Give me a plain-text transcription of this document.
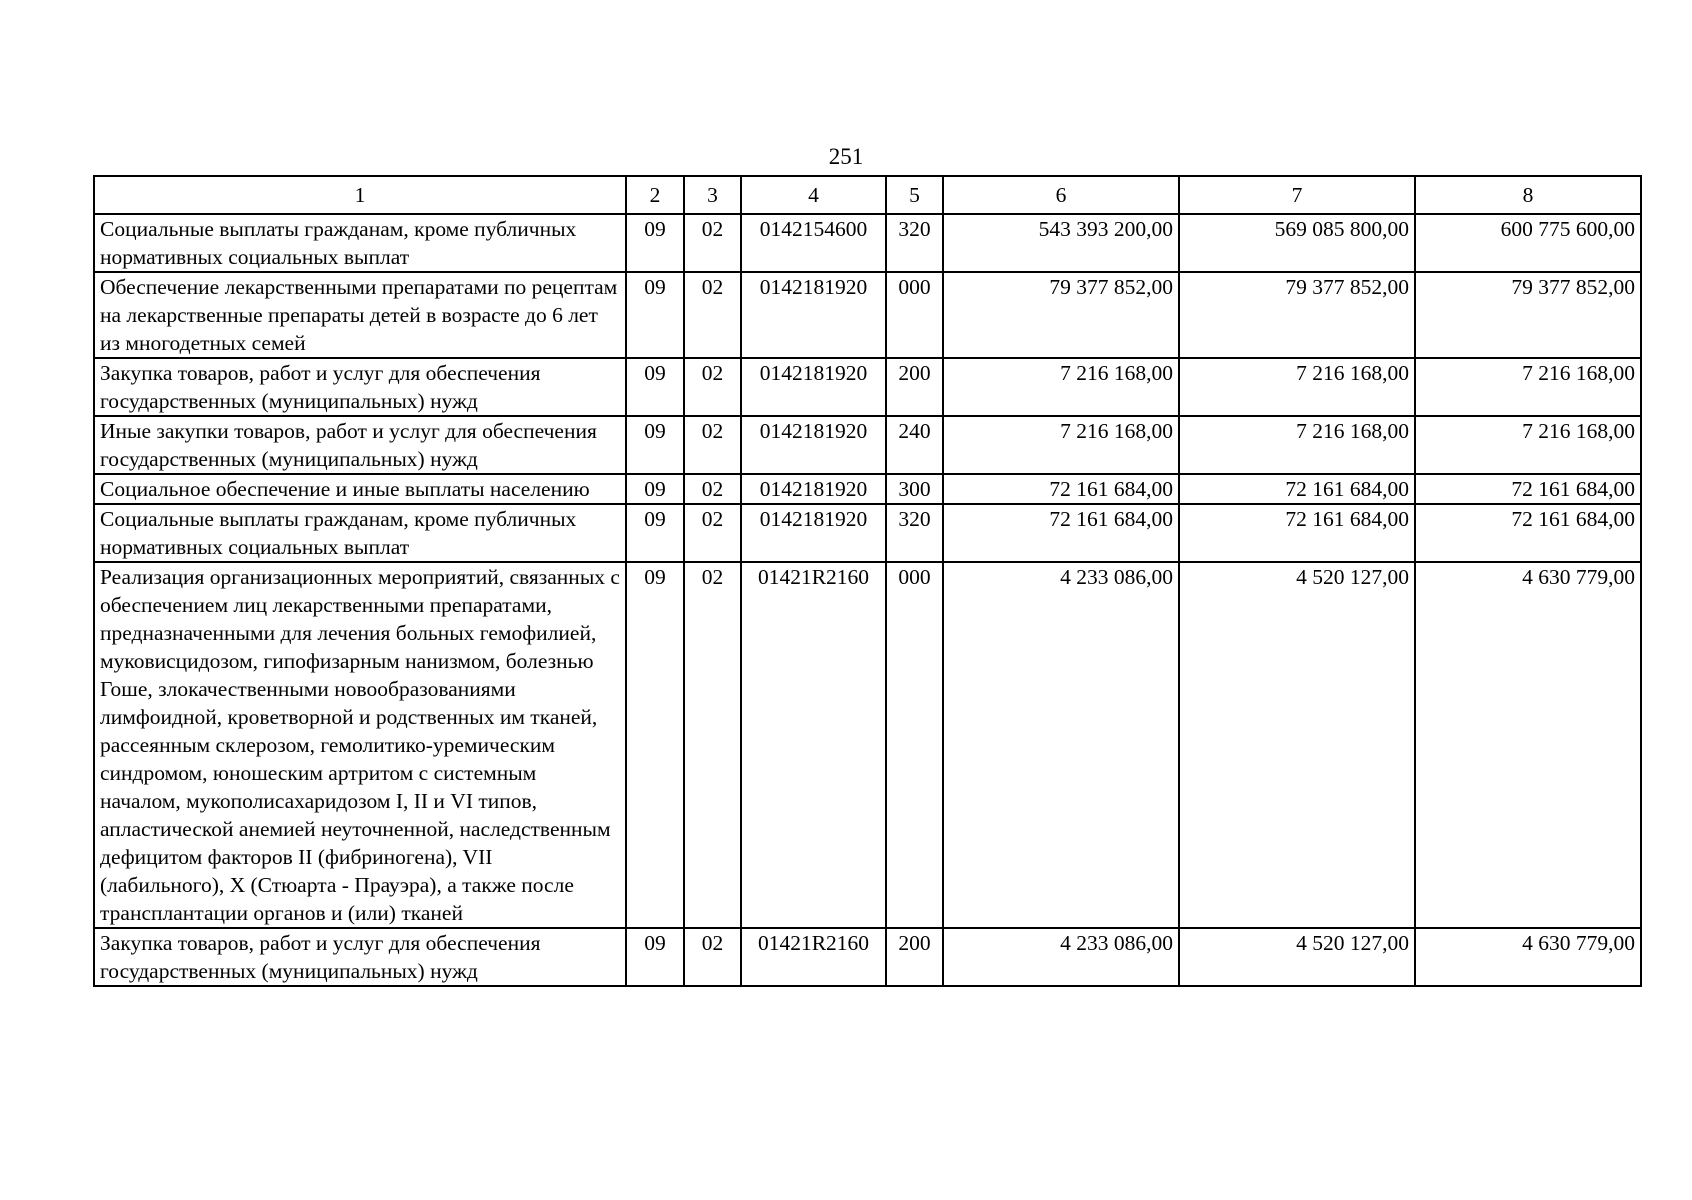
251
1	2	3	4	5	6	7	8
Социальные выплаты гражданам, кроме публичных нормативных социальных выплат	09	02	0142154600	320	543 393 200,00	569 085 800,00	600 775 600,00
Обеспечение лекарственными препаратами по рецептам на лекарственные препараты детей в возрасте до 6 лет из многодетных семей	09	02	0142181920	000	79 377 852,00	79 377 852,00	79 377 852,00
Закупка товаров, работ и услуг для обеспечения государственных (муниципальных) нужд	09	02	0142181920	200	7 216 168,00	7 216 168,00	7 216 168,00
Иные закупки товаров, работ и услуг для обеспечения государственных (муниципальных) нужд	09	02	0142181920	240	7 216 168,00	7 216 168,00	7 216 168,00
Социальное обеспечение и иные выплаты населению	09	02	0142181920	300	72 161 684,00	72 161 684,00	72 161 684,00
Социальные выплаты гражданам, кроме публичных нормативных социальных выплат	09	02	0142181920	320	72 161 684,00	72 161 684,00	72 161 684,00
Реализация организационных мероприятий, связанных с обеспечением лиц лекарственными препаратами, предназначенными для лечения больных гемофилией, муковисцидозом, гипофизарным нанизмом, болезнью Гоше, злокачественными новообразованиями лимфоидной, кроветворной и родственных им тканей, рассеянным склерозом, гемолитико-уремическим синдромом, юношеским артритом с системным началом, мукополисахаридозом I, II и VI типов, апластической анемией неуточненной, наследственным дефицитом факторов II (фибриногена), VII (лабильного), X (Стюарта - Прауэра), а также после трансплантации органов и (или) тканей	09	02	01421R2160	000	4 233 086,00	4 520 127,00	4 630 779,00
Закупка товаров, работ и услуг для обеспечения государственных (муниципальных) нужд	09	02	01421R2160	200	4 233 086,00	4 520 127,00	4 630 779,00
